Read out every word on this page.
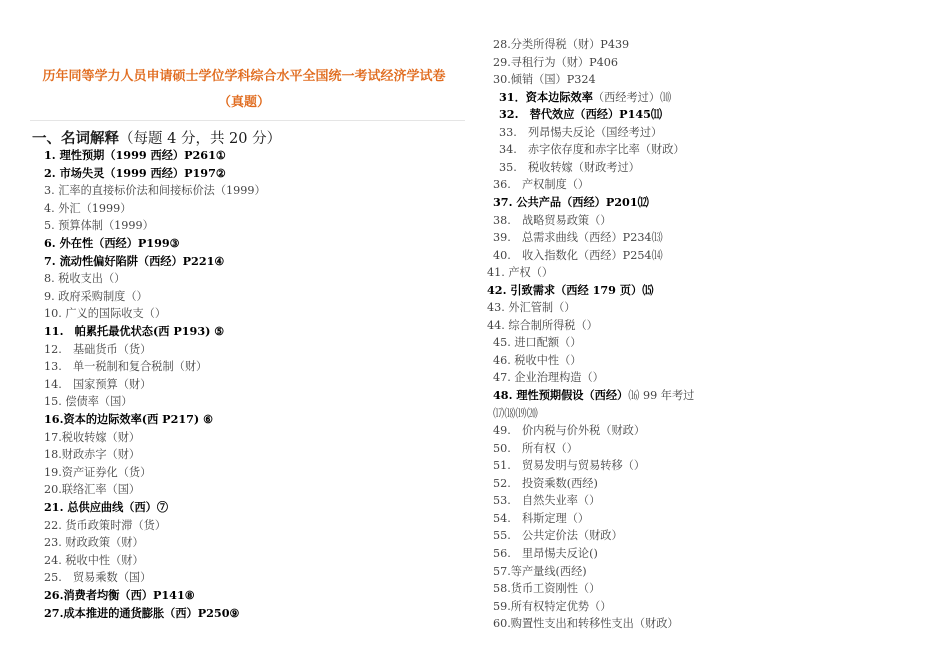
历年同等学力人员申请硕士学位学科综合水平全国统一考试经济学试卷（真题）
一、名词解释（每题 4 分，共 20 分）
1. 理性预期（1999 西经）P261①
2. 市场失灵（1999 西经）P197②
3. 汇率的直接标价法和间接标价法（1999）
4. 外汇（1999）
5. 预算体制（1999）
6. 外在性（西经）P199③
7. 流动性偏好陷阱（西经）P221④
8. 税收支出（）
9. 政府采购制度（）
10. 广义的国际收支（）
11.　帕累托最优状态(西 P193) ⑤
12.　基础货币（货）
13.　单一税制和复合税制（财）
14.　国家预算（财）
15. 偿债率（国）
16.资本的边际效率(西 P217) ⑥
17.税收转嫁（财）
18.财政赤字（财）
19.资产证券化（货）
20.联络汇率（国）
21. 总供应曲线（西）⑦
22. 货币政策时滞（货）
23. 财政政策（财）
24. 税收中性（财）
25.　贸易乘数（国）
26.消费者均衡（西）P141⑧
27.成本推进的通货膨胀（西）P250⑨
28.分类所得税（财）P439
29.寻租行为（财）P406
30.倾销（国）P324
31．资本边际效率（西经考过）⑽
32.　替代效应（西经）P145⑾
33.　列昂惕夫反论（国经考过）
34.　赤字依存度和赤字比率（财政）
35.　税收转嫁（财政考过）
36.　产权制度（）
37. 公共产品（西经）P201⑿
38.　战略贸易政策（）
39.　总需求曲线（西经）P234⒀
40.　收入指数化（西经）P254⒁
41. 产权（）
42. 引致需求（西经 179 页）⒂
43. 外汇管制（）
44. 综合制所得税（）
45. 进口配额（）
46. 税收中性（）
47. 企业治理构造（）
48. 理性预期假设（西经）⒃ 99 年考过
⒄⒅⒆⒇
49.　价内税与价外税（财政）
50.　所有权（）
51.　贸易发明与贸易转移（）
52.　投资乘数(西经)
53.　自然失业率（）
54.　科斯定理（）
55.　公共定价法（财政）
56.　里昂惕夫反论()
57.等产量线(西经)
58.货币工资刚性（）
59.所有权特定优势（）
60.购置性支出和转移性支出（财政）
